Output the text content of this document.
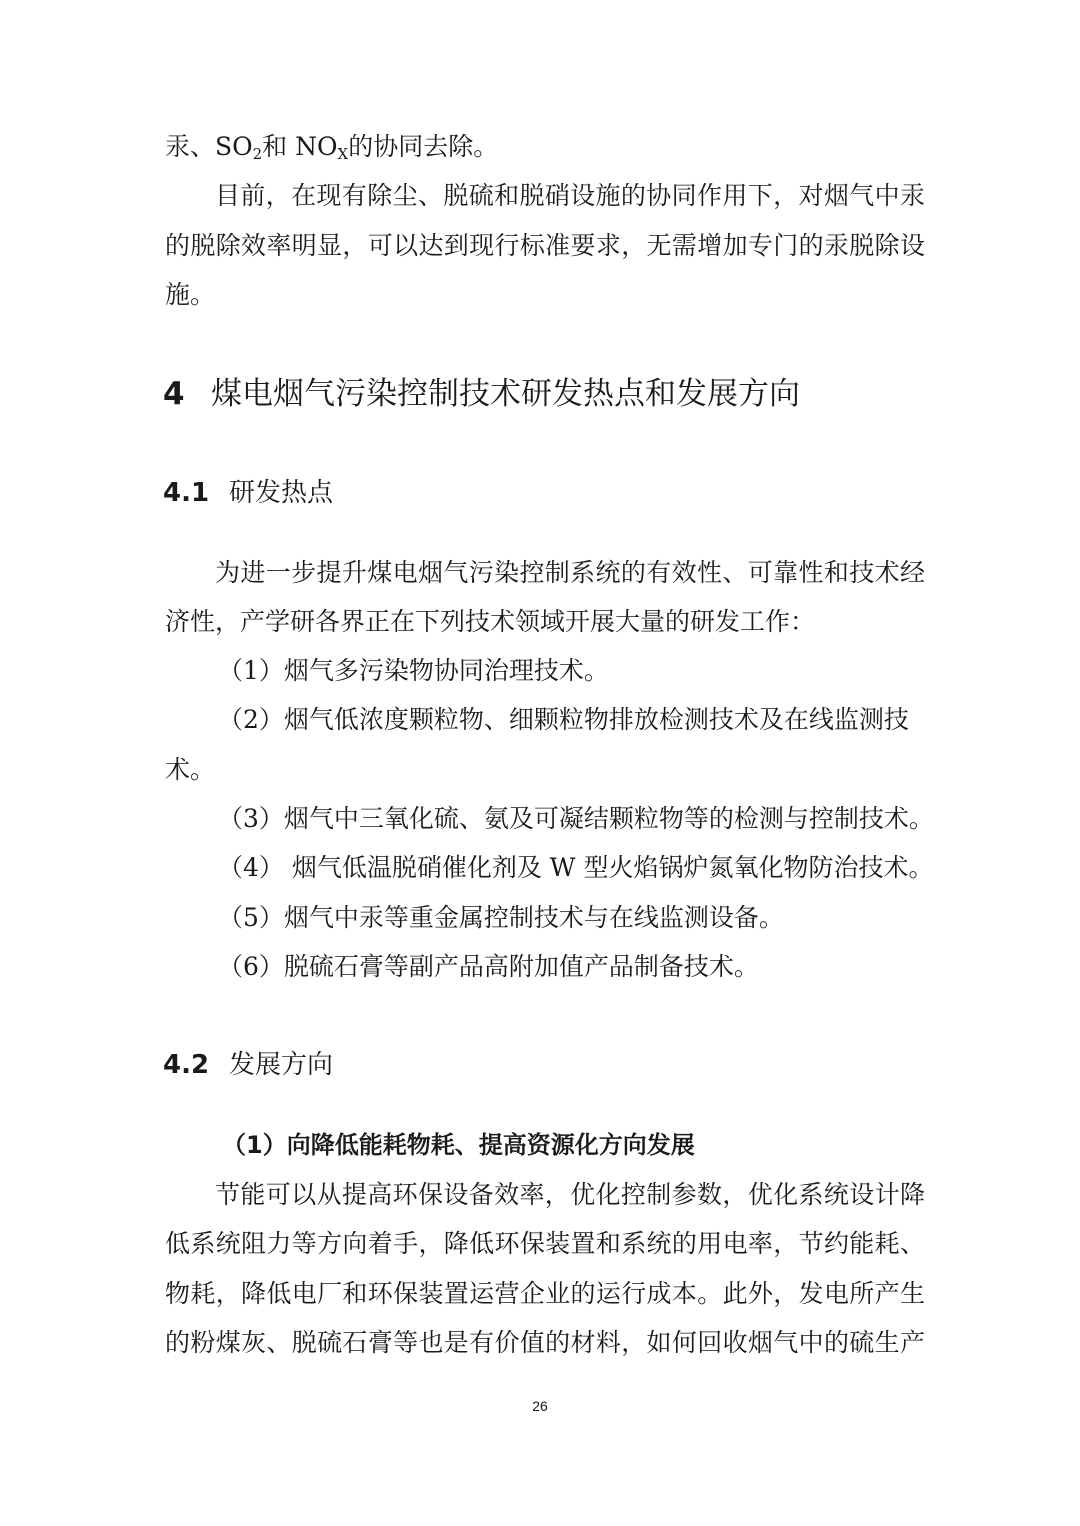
汞、$SO_2$和 $NO_X$的协同去除。
目前，在现有除尘、脱硫和脱硝设施的协同作用下，对烟气中汞
的脱除效率明显，可以达到现行标准要求，无需增加专门的汞脱除设
施。
4 煤电烟气污染控制技术研发热点和发展方向
4.1 研发热点
为进一步提升煤电烟气污染控制系统的有效性、可靠性和技术经
济性，产学研各界正在下列技术领域开展大量的研发工作：
（1）烟气多污染物协同治理技术。
（2）烟气低浓度颗粒物、细颗粒物排放检测技术及在线监测技
术。
（3）烟气中三氧化硫、氨及可凝结颗粒物等的检测与控制技术。
（4） 烟气低温脱硝催化剂及 W 型火焰锅炉氮氧化物防治技术。
（5）烟气中汞等重金属控制技术与在线监测设备。
（6）脱硫石膏等副产品高附加值产品制备技术。
4.2 发展方向
（1）向降低能耗物耗、提高资源化方向发展
节能可以从提高环保设备效率，优化控制参数，优化系统设计降
低系统阻力等方向着手，降低环保装置和系统的用电率，节约能耗、
物耗，降低电厂和环保装置运营企业的运行成本。此外，发电所产生
的粉煤灰、脱硫石膏等也是有价值的材料，如何回收烟气中的硫生产
26
